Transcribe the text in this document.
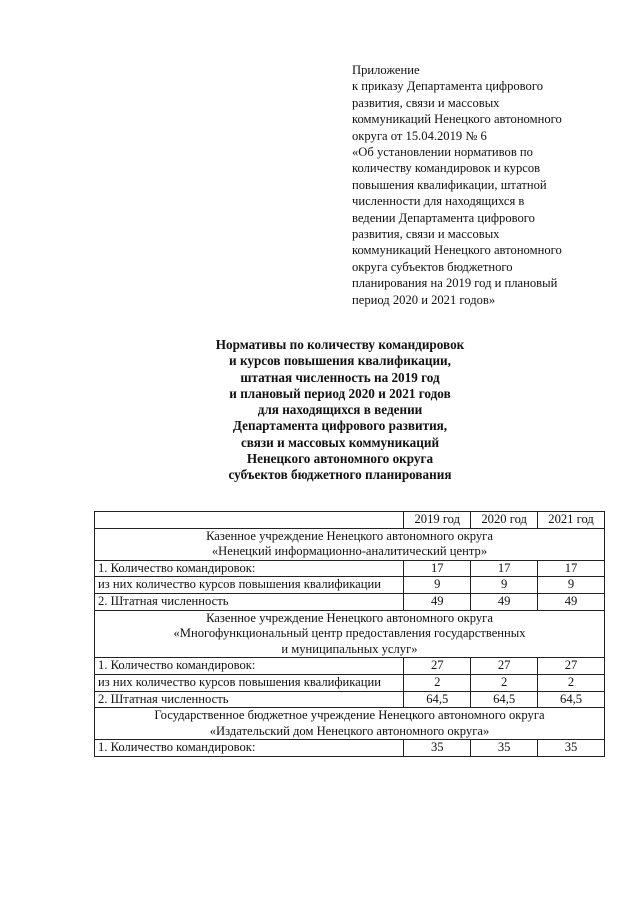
Приложение
к приказу Департамента цифрового
развития, связи и массовых
коммуникаций Ненецкого автономного
округа от 15.04.2019 № 6
«Об установлении нормативов по
количеству командировок и курсов
повышения квалификации, штатной
численности для находящихся в
ведении Департамента цифрового
развития, связи и массовых
коммуникаций Ненецкого автономного
округа субъектов бюджетного
планирования на 2019 год и плановый
период 2020 и 2021 годов»
Нормативы по количеству командировок
и курсов повышения квалификации,
штатная численность на 2019 год
и плановый период 2020 и 2021 годов
для находящихся в ведении
Департамента цифрового развития,
связи и массовых коммуникаций
Ненецкого автономного округа
субъектов бюджетного планирования
	2019 год	2020 год	2021 год

Казенное учреждение Ненецкого автономного округа
«Ненецкий информационно-аналитический центр»			

1. Количество командировок:	17	17	17
из них количество курсов повышения квалификации	9	9	9
2. Штатная численность	49	49	49

Казенное учреждение Ненецкого автономного округа
«Многофункциональный центр предоставления государственных
и муниципальных услуг»			

1. Количество командировок:	27	27	27
из них количество курсов повышения квалификации	2	2	2
2. Штатная численность	64,5	64,5	64,5

Государственное бюджетное учреждение Ненецкого автономного округа
«Издательский дом Ненецкого автономного округа»			

1. Количество командировок:	35	35	35
